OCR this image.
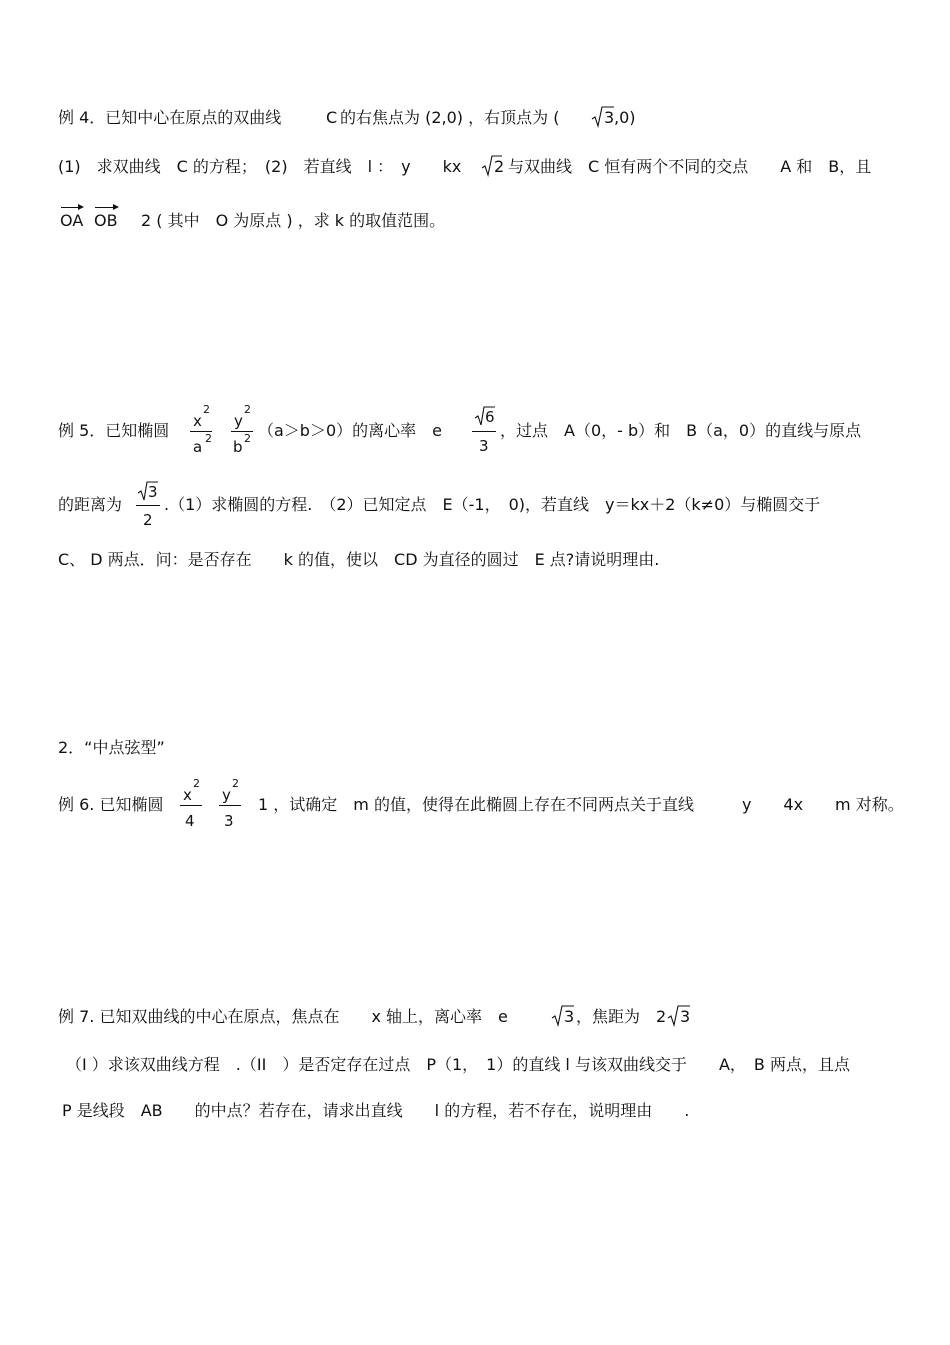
例 4．已知中心在原点的双曲线	C 的右焦点为 (2,0) ，右顶点为 (	3 ,0)
(1)　求双曲线　C 的方程；　(2)　若直线　l ：　y　　kx 2 与双曲线　C 恒有两个不同的交点　　A 和　B，且
OA OB 2 ( 其中　O 为原点 ) ，求 k 的取值范围。
例 5．已知椭圆 x
2
a 2
y
2
b 2 （a＞b＞0）的离心率　e
6
3
，过点　A（0，- b）和　B（a，0）的直线与原点
的距离为
3
2
.（1）求椭圆的方程.　（2）已知定点　E（-1，　0)，若直线　y＝kx＋2（k≠0）与椭圆交于
C、 D 两点．问：是否存在　　k 的值，使以　CD 为直径的圆过　E 点?请说明理由.
2．“中点弦型”
例 6. 已知椭圆 x
2
4
y
2
3
1 ，试确定　m 的值，使得在此椭圆上存在不同两点关于直线　　　y　　4x　　m 对称。
例 7. 已知双曲线的中心在原点，焦点在　　x 轴上，离心率　e	3 ，焦距为　2 3
（I ）求该双曲线方程　.（II　）是否定存在过点　P（1，　1）的直线 l 与该双曲线交于　　A，　B 两点，且点
P 是线段　AB　　的中点？若存在，请求出直线　　l 的方程，若不存在，说明理由　　.
